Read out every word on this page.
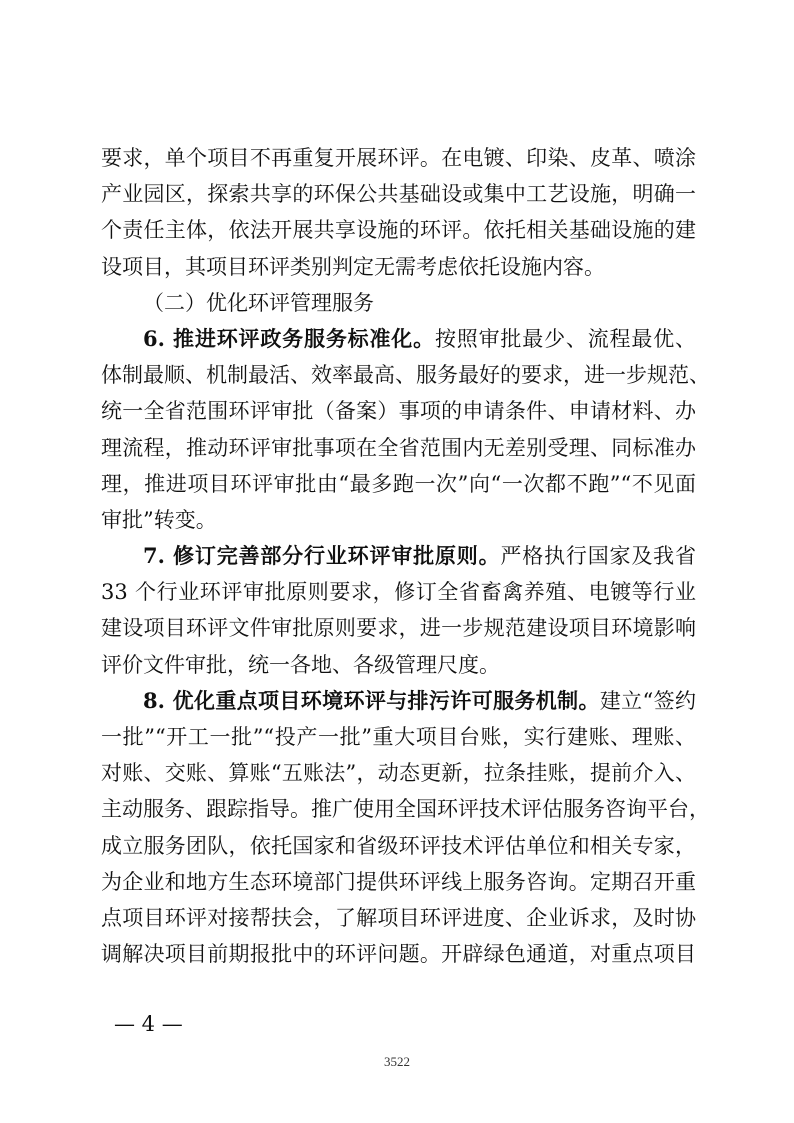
要求，单个项目不再重复开展环评。在电镀、印染、皮革、喷涂
产业园区，探索共享的环保公共基础设或集中工艺设施，明确一
个责任主体，依法开展共享设施的环评。依托相关基础设施的建
设项目，其项目环评类别判定无需考虑依托设施内容。
（二）优化环评管理服务
6. 推进环评政务服务标准化。按照审批最少、流程最优、
体制最顺、机制最活、效率最高、服务最好的要求，进一步规范、
统一全省范围环评审批（备案）事项的申请条件、申请材料、办
理流程，推动环评审批事项在全省范围内无差别受理、同标准办
理，推进项目环评审批由“最多跑一次”向“一次都不跑”“不见面
审批”转变。
7. 修订完善部分行业环评审批原则。严格执行国家及我省
33 个行业环评审批原则要求，修订全省畜禽养殖、电镀等行业
建设项目环评文件审批原则要求，进一步规范建设项目环境影响
评价文件审批，统一各地、各级管理尺度。
8. 优化重点项目环境环评与排污许可服务机制。建立“签约
一批”“开工一批”“投产一批”重大项目台账，实行建账、理账、
对账、交账、算账“五账法”，动态更新，拉条挂账，提前介入、
主动服务、跟踪指导。推广使用全国环评技术评估服务咨询平台，
成立服务团队，依托国家和省级环评技术评估单位和相关专家，
为企业和地方生态环境部门提供环评线上服务咨询。定期召开重
点项目环评对接帮扶会，了解项目环评进度、企业诉求，及时协
调解决项目前期报批中的环评问题。开辟绿色通道，对重点项目
— 4 —
3522
